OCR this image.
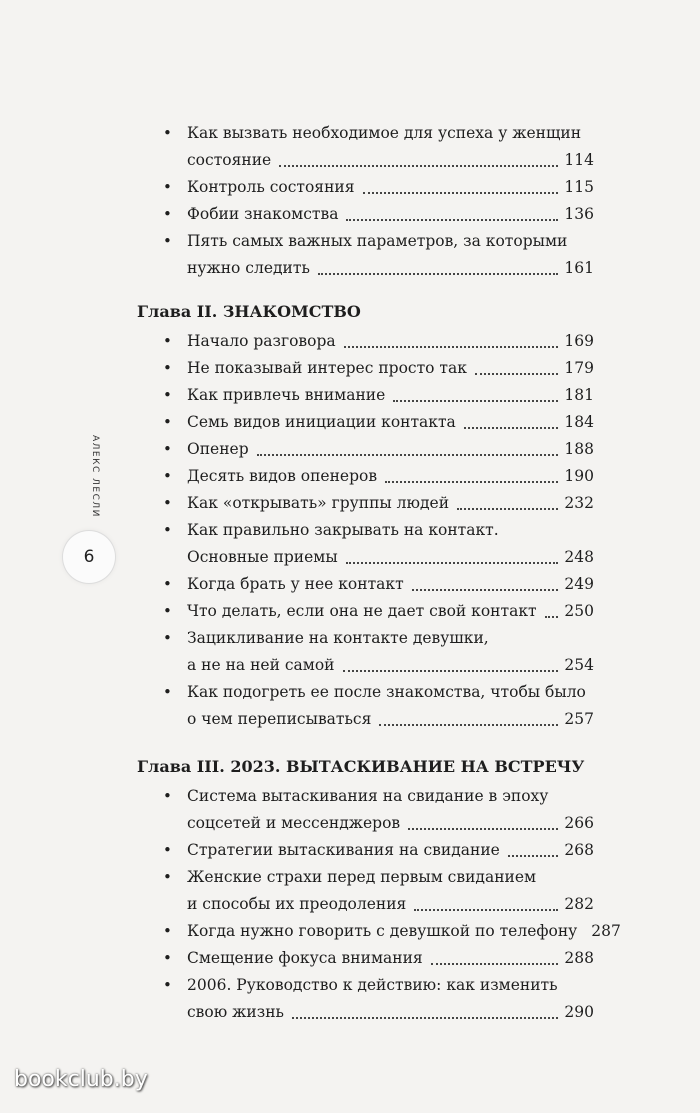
АЛЕКС ЛЕСЛИ
6
• Как вызвать необходимое для успеха у женщин
состояние	114
• Контроль состояния	115
• Фобии знакомства	136
• Пять самых важных параметров, за которыми
нужно следить	161
Глава II. ЗНАКОМСТВО
• Начало разговора	169
• Не показывай интерес просто так	179
• Как привлечь внимание	181
• Семь видов инициации контакта	184
• Опенер	188
• Десять видов опенеров	190
• Как «открывать» группы людей	232
• Как правильно закрывать на контакт.
Основные приемы	248
• Когда брать у нее контакт	249
• Что делать, если она не дает свой контакт 250
• Зацикливание на контакте девушки,
а не на ней самой	254
• Как подогреть ее после знакомства, чтобы было
о чем переписываться	257
Глава III. 2023. ВЫТАСКИВАНИЕ НА ВСТРЕЧУ
• Система вытаскивания на свидание в эпоху
соцсетей и мессенджеров	266
• Стратегии вытаскивания на свидание	268
• Женские страхи перед первым свиданием
и способы их преодоления	282
• Когда нужно говорить с девушкой по телефону 287
• Смещение фокуса внимания	288
• 2006. Руководство к действию: как изменить
свою жизнь	290
bookclub.by
